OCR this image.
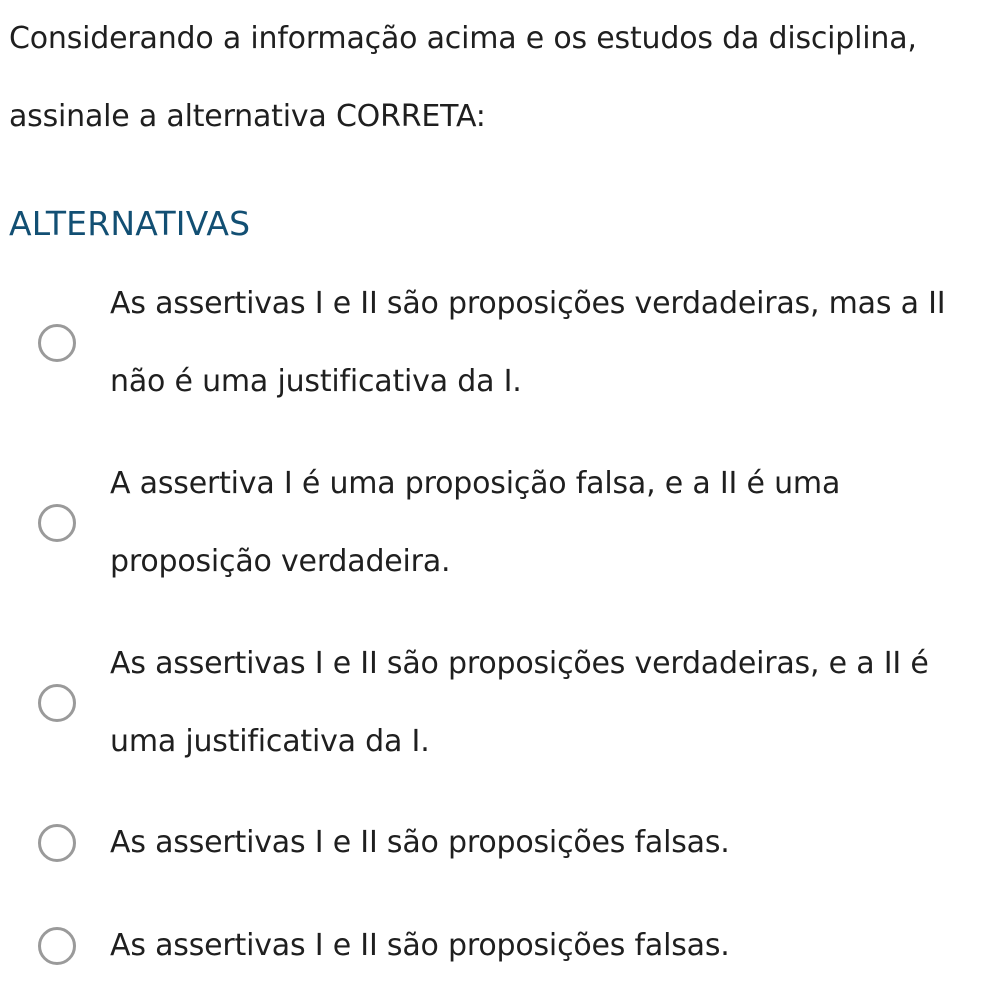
Considerando a informação acima e os estudos da disciplina, assinale a alternativa CORRETA:

ALTERNATIVAS
As assertivas I e II são proposições verdadeiras, mas a II não é uma justificativa da I.
A assertiva I é uma proposição falsa, e a II é uma proposição verdadeira.
As assertivas I e II são proposições verdadeiras, e a II é uma justificativa da I.
As assertivas I e II são proposições falsas.
As assertivas I e II são proposições falsas.
